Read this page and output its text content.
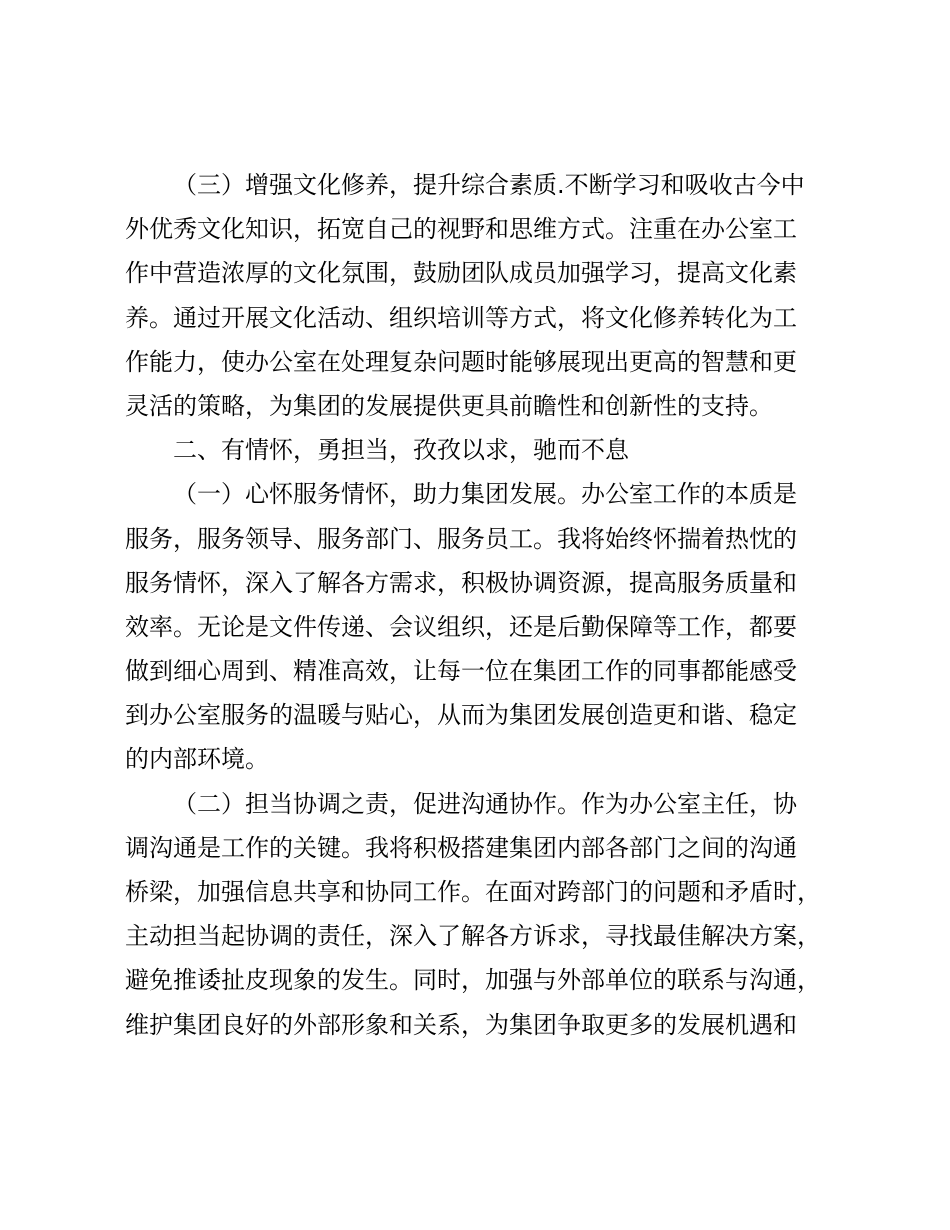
（三）增强文化修养，提升综合素质.不断学习和吸收古今中
外优秀文化知识，拓宽自己的视野和思维方式。注重在办公室工
作中营造浓厚的文化氛围，鼓励团队成员加强学习，提高文化素
养。通过开展文化活动、组织培训等方式，将文化修养转化为工
作能力，使办公室在处理复杂问题时能够展现出更高的智慧和更
灵活的策略，为集团的发展提供更具前瞻性和创新性的支持。
二、有情怀，勇担当，孜孜以求，驰而不息
（一）心怀服务情怀，助力集团发展。办公室工作的本质是
服务，服务领导、服务部门、服务员工。我将始终怀揣着热忱的
服务情怀，深入了解各方需求，积极协调资源，提高服务质量和
效率。无论是文件传递、会议组织，还是后勤保障等工作，都要
做到细心周到、精准高效，让每一位在集团工作的同事都能感受
到办公室服务的温暖与贴心，从而为集团发展创造更和谐、稳定
的内部环境。
（二）担当协调之责，促进沟通协作。作为办公室主任，协
调沟通是工作的关键。我将积极搭建集团内部各部门之间的沟通
桥梁，加强信息共享和协同工作。在面对跨部门的问题和矛盾时，
主动担当起协调的责任，深入了解各方诉求，寻找最佳解决方案，
避免推诿扯皮现象的发生。同时，加强与外部单位的联系与沟通，
维护集团良好的外部形象和关系，为集团争取更多的发展机遇和
